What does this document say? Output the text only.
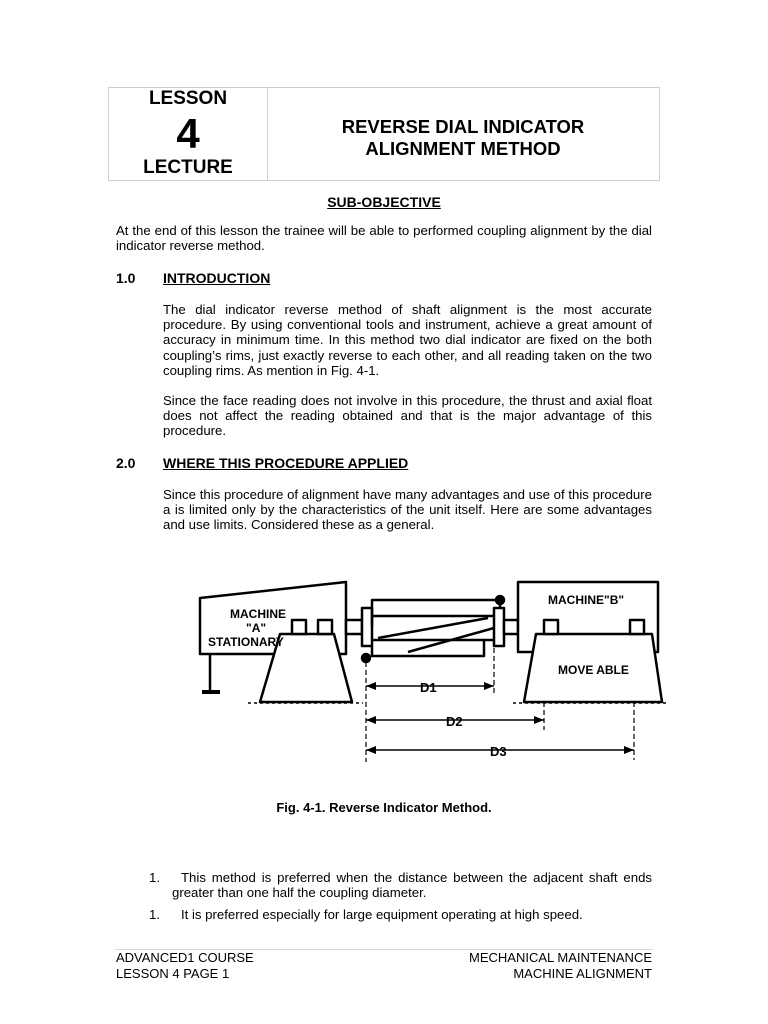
LESSON
4
LECTURE
REVERSE DIAL INDICATOR
ALIGNMENT METHOD
SUB-OBJECTIVE
At the end of this lesson the trainee will be able to performed coupling alignment by the dial indicator reverse method.
1.0 INTRODUCTION
The dial indicator reverse method of shaft alignment is the most accurate procedure. By using conventional tools and instrument, achieve a great amount of accuracy in minimum time. In this method two dial indicator are fixed on the both coupling’s rims, just exactly reverse to each other, and all reading taken on the two coupling rims. As mention in Fig. 4-1.
Since the face reading does not involve in this procedure, the thrust and axial float does not affect the reading obtained and that is the major advantage of this procedure.
2.0 WHERE THIS PROCEDURE APPLIED
Since this procedure of alignment have many advantages and use of this procedure a is limited only by the characteristics of the unit itself. Here are some advantages and use limits. Considered these as a general.
MACHINE
"A"
STATIONARY
MACHINE"B"
MOVE ABLE
D1
D2
D3
Fig. 4-1. Reverse Indicator Method.
1.	This method is preferred when the distance between the adjacent shaft ends greater than one half the coupling diameter.
1. It is preferred especially for large equipment operating at high speed.
ADVANCED1 COURSE
LESSON 4 PAGE 1
MECHANICAL MAINTENANCE
MACHINE ALIGNMENT
